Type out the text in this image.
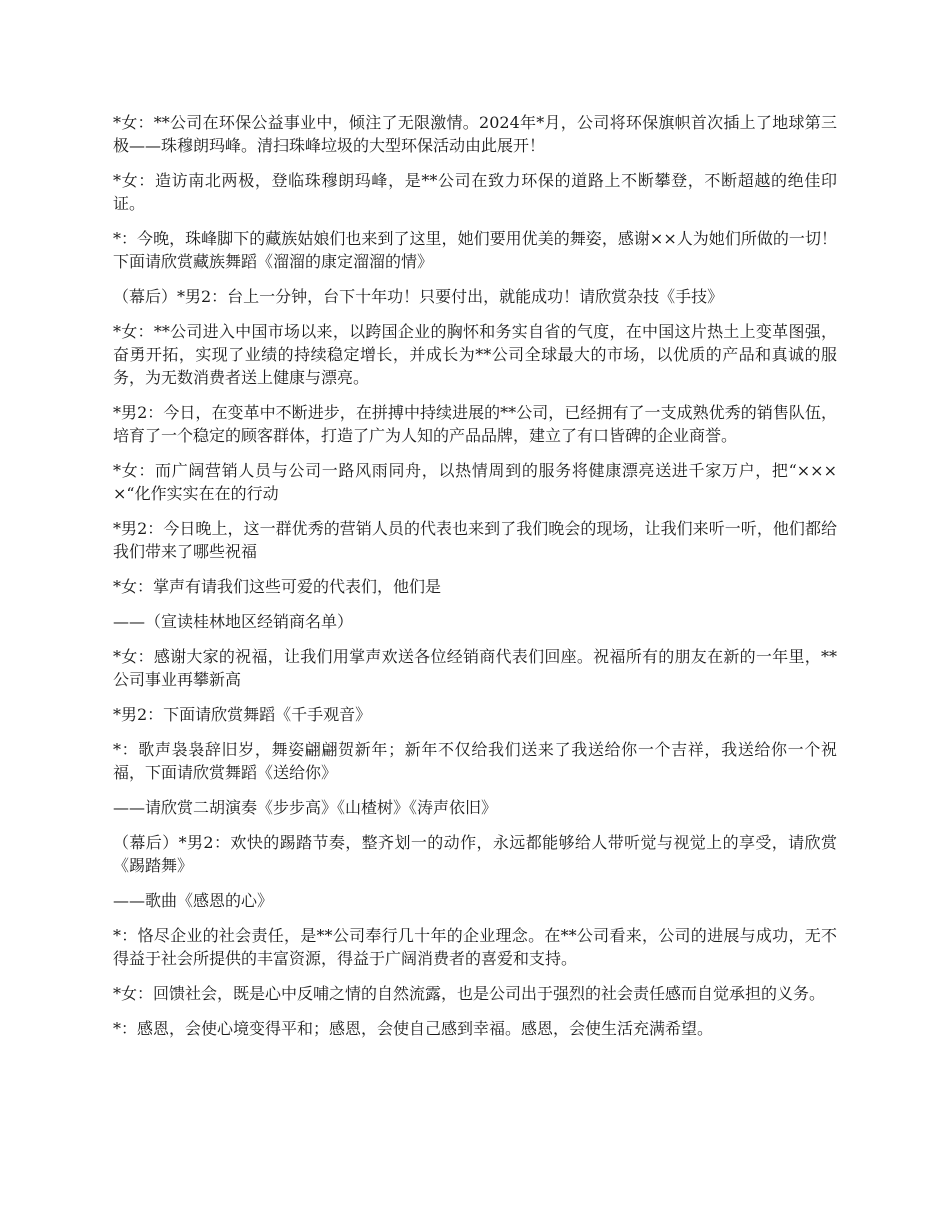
*女：**公司在环保公益事业中，倾注了无限激情。2024年*月，公司将环保旗帜首次插上了地球第三极——珠穆朗玛峰。清扫珠峰垃圾的大型环保活动由此展开！

*女：造访南北两极，登临珠穆朗玛峰，是**公司在致力环保的道路上不断攀登，不断超越的绝佳印证。

*：今晚，珠峰脚下的藏族姑娘们也来到了这里，她们要用优美的舞姿，感谢××人为她们所做的一切！下面请欣赏藏族舞蹈《溜溜的康定溜溜的情》

（幕后）*男2：台上一分钟，台下十年功！只要付出，就能成功！请欣赏杂技《手技》

*女：**公司进入中国市场以来，以跨国企业的胸怀和务实自省的气度，在中国这片热土上变革图强，奋勇开拓，实现了业绩的持续稳定增长，并成长为**公司全球最大的市场，以优质的产品和真诚的服务，为无数消费者送上健康与漂亮。

*男2：今日，在变革中不断进步，在拼搏中持续进展的**公司，已经拥有了一支成熟优秀的销售队伍，培育了一个稳定的顾客群体，打造了广为人知的产品品牌，建立了有口皆碑的企业商誉。

*女：而广阔营销人员与公司一路风雨同舟，以热情周到的服务将健康漂亮送进千家万户，把“××××“化作实实在在的行动

*男2：今日晚上，这一群优秀的营销人员的代表也来到了我们晚会的现场，让我们来听一听，他们都给我们带来了哪些祝福

*女：掌声有请我们这些可爱的代表们，他们是

——（宣读桂林地区经销商名单）

*女：感谢大家的祝福，让我们用掌声欢送各位经销商代表们回座。祝福所有的朋友在新的一年里，**公司事业再攀新高

*男2：下面请欣赏舞蹈《千手观音》

*：歌声袅袅辞旧岁，舞姿翩翩贺新年；新年不仅给我们送来了我送给你一个吉祥，我送给你一个祝福，下面请欣赏舞蹈《送给你》

——请欣赏二胡演奏《步步高》《山楂树》《涛声依旧》

（幕后）*男2：欢快的踢踏节奏，整齐划一的动作，永远都能够给人带听觉与视觉上的享受，请欣赏《踢踏舞》

——歌曲《感恩的心》

*：恪尽企业的社会责任，是**公司奉行几十年的企业理念。在**公司看来，公司的进展与成功，无不得益于社会所提供的丰富资源，得益于广阔消费者的喜爱和支持。

*女：回馈社会，既是心中反哺之情的自然流露，也是公司出于强烈的社会责任感而自觉承担的义务。

*：感恩，会使心境变得平和；感恩，会使自己感到幸福。感恩，会使生活充满希望。
